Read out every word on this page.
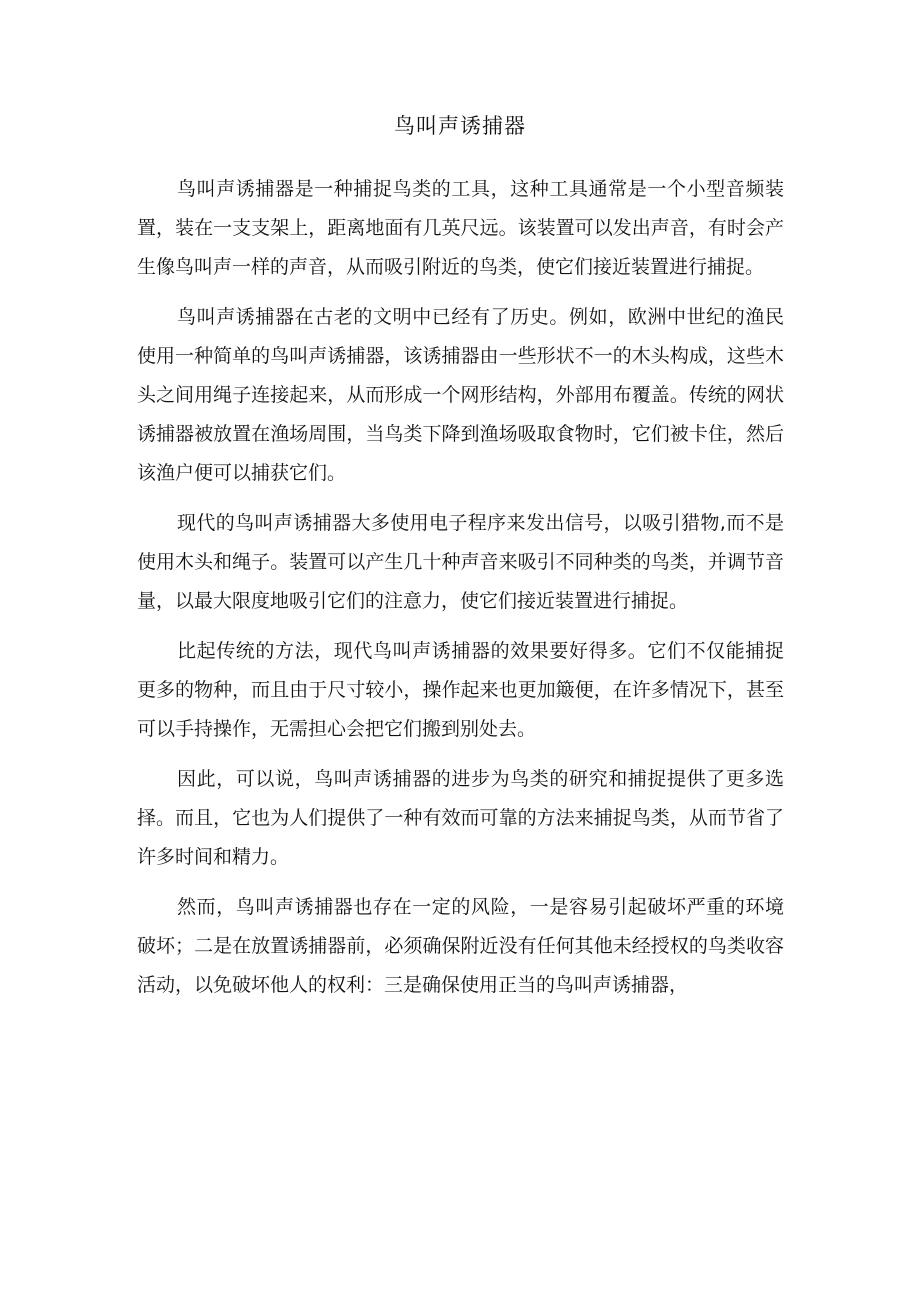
鸟叫声诱捕器

鸟叫声诱捕器是一种捕捉鸟类的工具，这种工具通常是一个小型音频装置，装在一支支架上，距离地面有几英尺远。该装置可以发出声音，有时会产生像鸟叫声一样的声音，从而吸引附近的鸟类，使它们接近装置进行捕捉。

鸟叫声诱捕器在古老的文明中已经有了历史。例如，欧洲中世纪的渔民使用一种简单的鸟叫声诱捕器，该诱捕器由一些形状不一的木头构成，这些木头之间用绳子连接起来，从而形成一个网形结构，外部用布覆盖。传统的网状诱捕器被放置在渔场周围，当鸟类下降到渔场吸取食物时，它们被卡住，然后该渔户便可以捕获它们。

现代的鸟叫声诱捕器大多使用电子程序来发出信号，以吸引猎物,而不是使用木头和绳子。装置可以产生几十种声音来吸引不同种类的鸟类，并调节音量，以最大限度地吸引它们的注意力，使它们接近装置进行捕捉。

比起传统的方法，现代鸟叫声诱捕器的效果要好得多。它们不仅能捕捉更多的物种，而且由于尺寸较小，操作起来也更加簸便，在许多情况下，甚至可以手持操作，无需担心会把它们搬到别处去。

因此，可以说，鸟叫声诱捕器的进步为鸟类的研究和捕捉提供了更多选择。而且，它也为人们提供了一种有效而可靠的方法来捕捉鸟类，从而节省了许多时间和精力。

然而，鸟叫声诱捕器也存在一定的风险，一是容易引起破坏严重的环境破坏；二是在放置诱捕器前，必须确保附近没有任何其他未经授权的鸟类收容活动，以免破坏他人的权利：三是确保使用正当的鸟叫声诱捕器，
